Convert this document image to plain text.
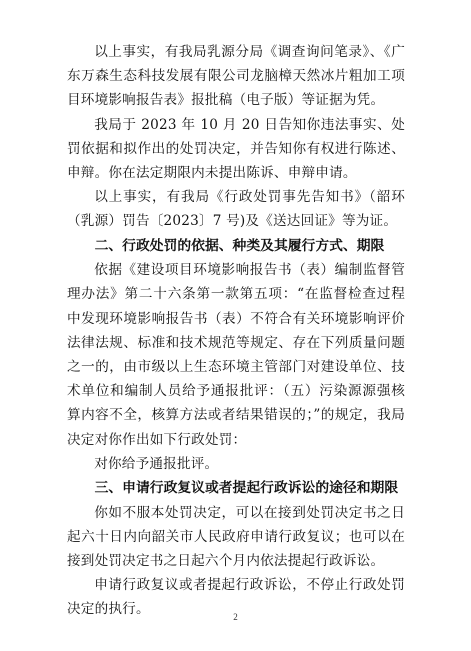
以上事实，有我局乳源分局《调查询问笔录》、《广东万森生态科技发展有限公司龙脑樟天然冰片粗加工项目环境影响报告表》报批稿（电子版）等证据为凭。

我局于 2023 年 10 月 20 日告知你违法事实、处罚依据和拟作出的处罚决定，并告知你有权进行陈述、申辩。你在法定期限内未提出陈诉、申辩申请。

以上事实，有我局《行政处罚事先告知书》（韶环（乳源）罚告〔2023〕7 号)及《送达回证》等为证。

二、行政处罚的依据、种类及其履行方式、期限

依据《建设项目环境影响报告书（表）编制监督管理办法》第二十六条第一款第五项：“在监督检查过程中发现环境影响报告书（表）不符合有关环境影响评价法律法规、标准和技术规范等规定、存在下列质量问题之一的，由市级以上生态环境主管部门对建设单位、技术单位和编制人员给予通报批评：（五）污染源源强核算内容不全，核算方法或者结果错误的；”的规定，我局决定对你作出如下行政处罚：

对你给予通报批评。

三、申请行政复议或者提起行政诉讼的途径和期限

你如不服本处罚决定，可以在接到处罚决定书之日起六十日内向韶关市人民政府申请行政复议；也可以在接到处罚决定书之日起六个月内依法提起行政诉讼。

申请行政复议或者提起行政诉讼，不停止行政处罚决定的执行。	2
